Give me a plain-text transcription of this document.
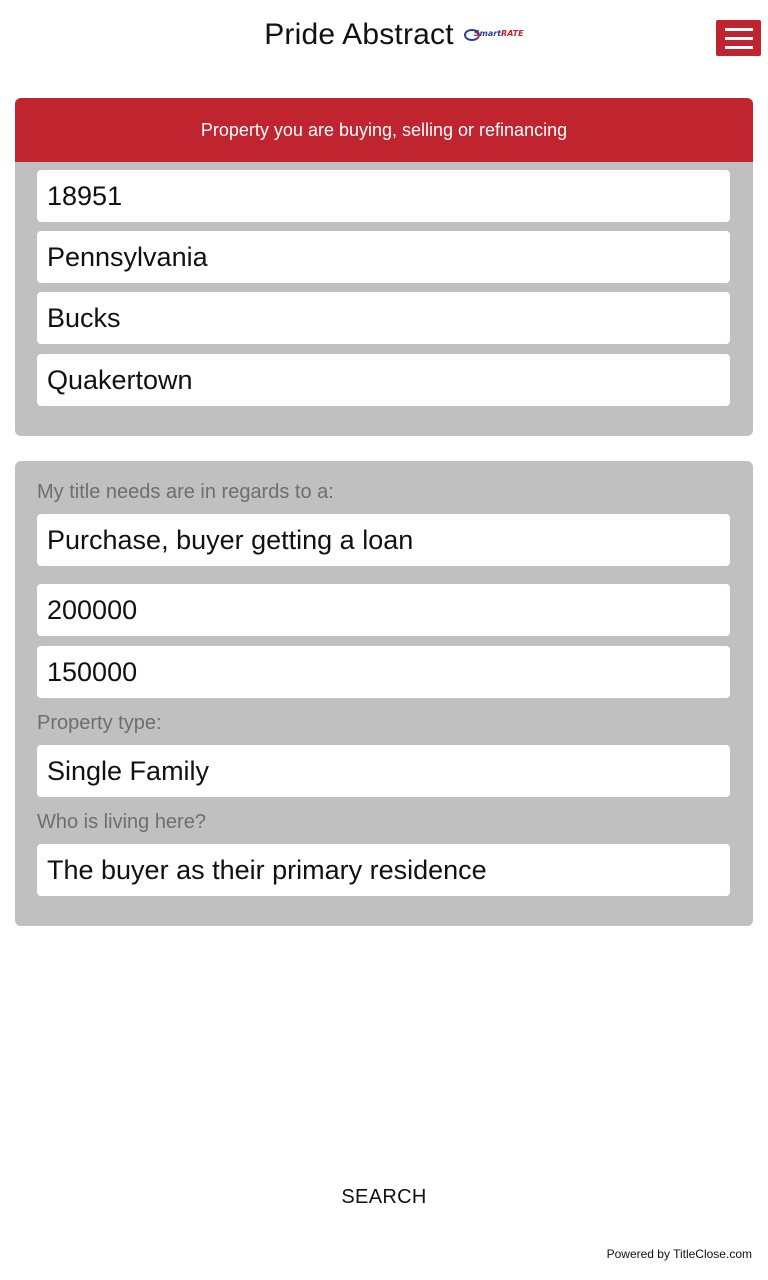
Pride Abstract	SmartRATE
Property you are buying, selling or refinancing
18951
Pennsylvania
Bucks
Quakertown
My title needs are in regards to a:
Purchase, buyer getting a loan
200000
150000
Property type:
Single Family
Who is living here?
The buyer as their primary residence
SEARCH
Powered by TitleClose.com
